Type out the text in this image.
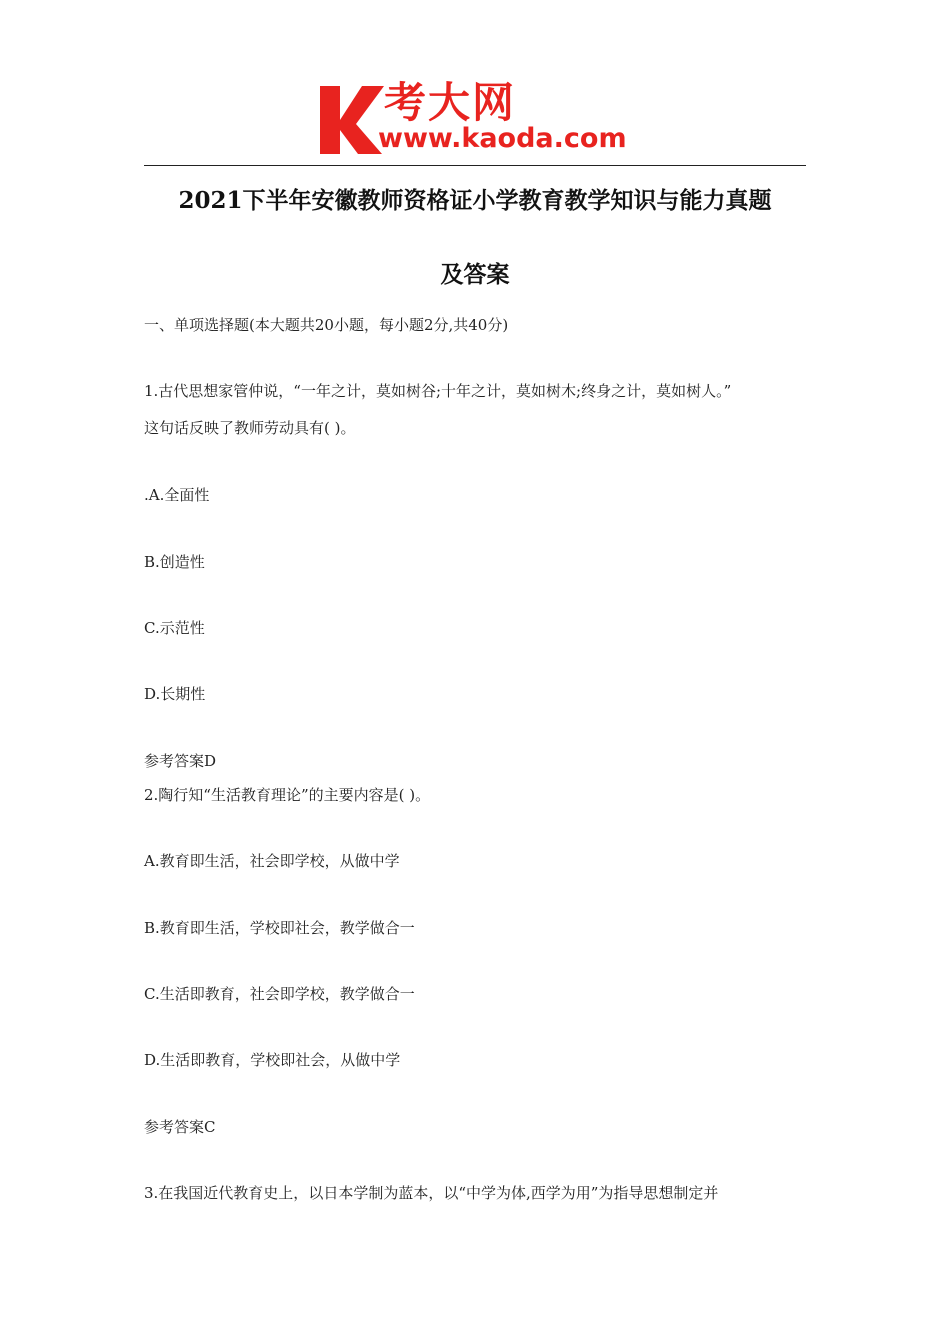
考大网
www.kaoda.com
2021下半年安徽教师资格证小学教育教学知识与能力真题
及答案
一、单项选择题(本大题共20小题，每小题2分,共40分)
1.古代思想家管仲说，“一年之计，莫如树谷;十年之计，莫如树木;终身之计，莫如树人。”
这句话反映了教师劳动具有( )。
.A.全面性
B.创造性
C.示范性
D.长期性
参考答案D
2.陶行知“生活教育理论”的主要内容是( )。
A.教育即生活，社会即学校，从做中学
B.教育即生活，学校即社会，教学做合一
C.生活即教育，社会即学校，教学做合一
D.生活即教育，学校即社会，从做中学
参考答案C
3.在我国近代教育史上，以日本学制为蓝本，以“中学为体,西学为用”为指导思想制定并
